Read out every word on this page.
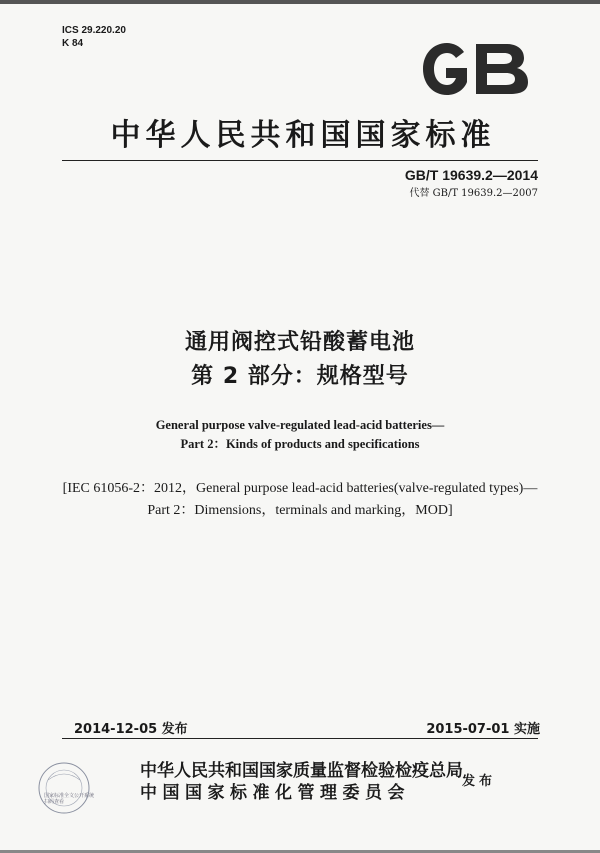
ICS 29.220.20
K 84
中华人民共和国国家标准
GB/T 19639.2—2014
代替 GB/T 19639.2—2007
通用阀控式铅酸蓄电池
第 2 部分：规格型号
General purpose valve-regulated lead-acid batteries—
Part 2：Kinds of products and specifications
[IEC 61056-2：2012，General purpose lead-acid batteries(valve-regulated types)—
Part 2：Dimensions，terminals and marking，MOD]
2014-12-05 发布	2015-07-01 实施
国家标准全文公开系统
扫码查看
中华人民共和国国家质量监督检验检疫总局
中国国家标准化管理委员会
发布
